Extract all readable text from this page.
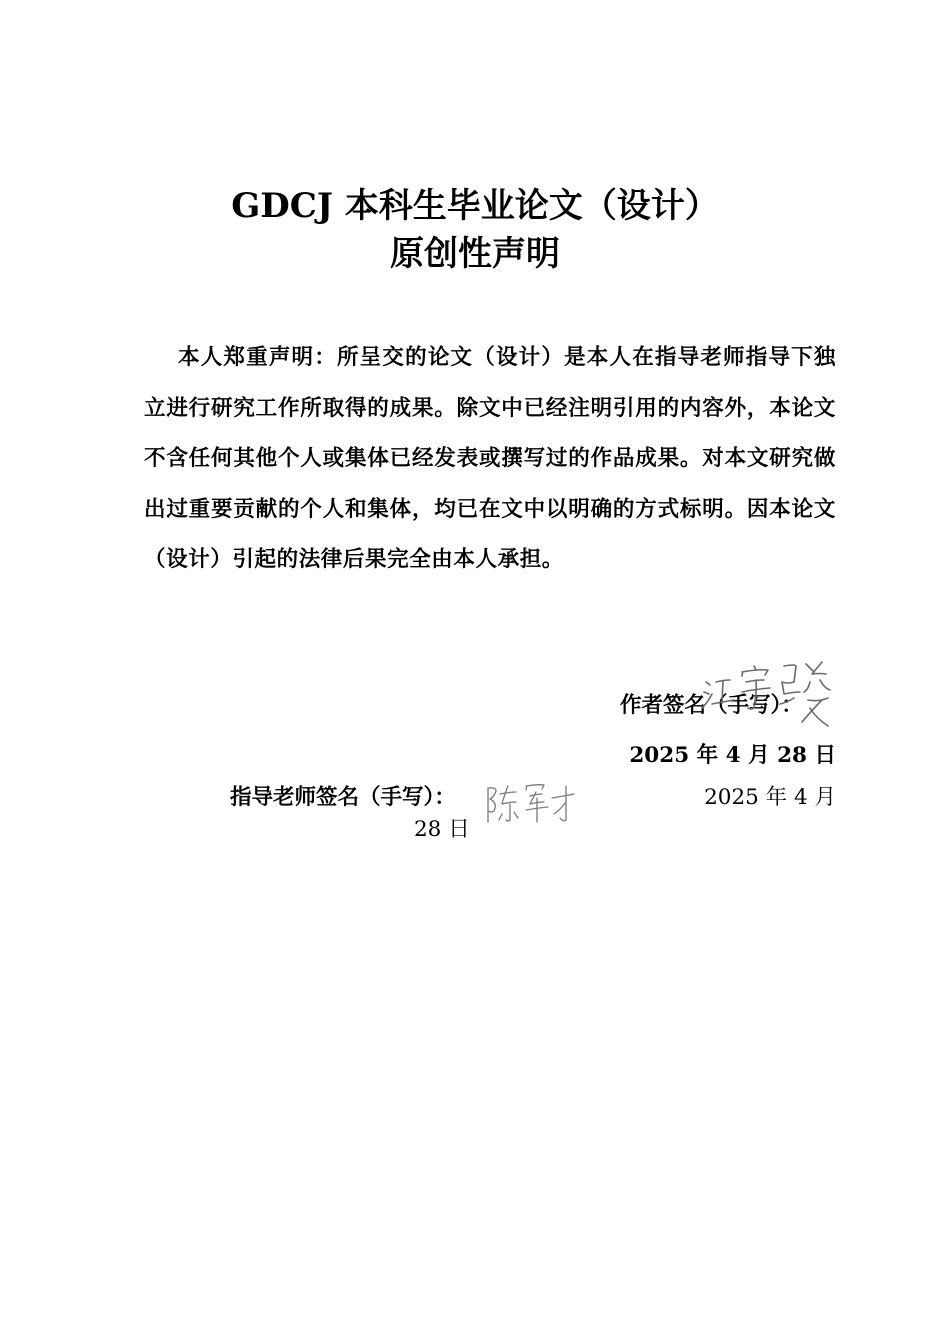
GDCJ 本科生毕业论文（设计）
原创性声明
本人郑重声明：所呈交的论文（设计）是本人在指导老师指导下独立进行研究工作所取得的成果。除文中已经注明引用的内容外，本论文不含任何其他个人或集体已经发表或撰写过的作品成果。对本文研究做出过重要贡献的个人和集体，均已在文中以明确的方式标明。因本论文（设计）引起的法律后果完全由本人承担。
作者签名（手写）：
2025 年 4 月 28 日
指导老师签名（手写）：	2025 年 4 月
28 日
